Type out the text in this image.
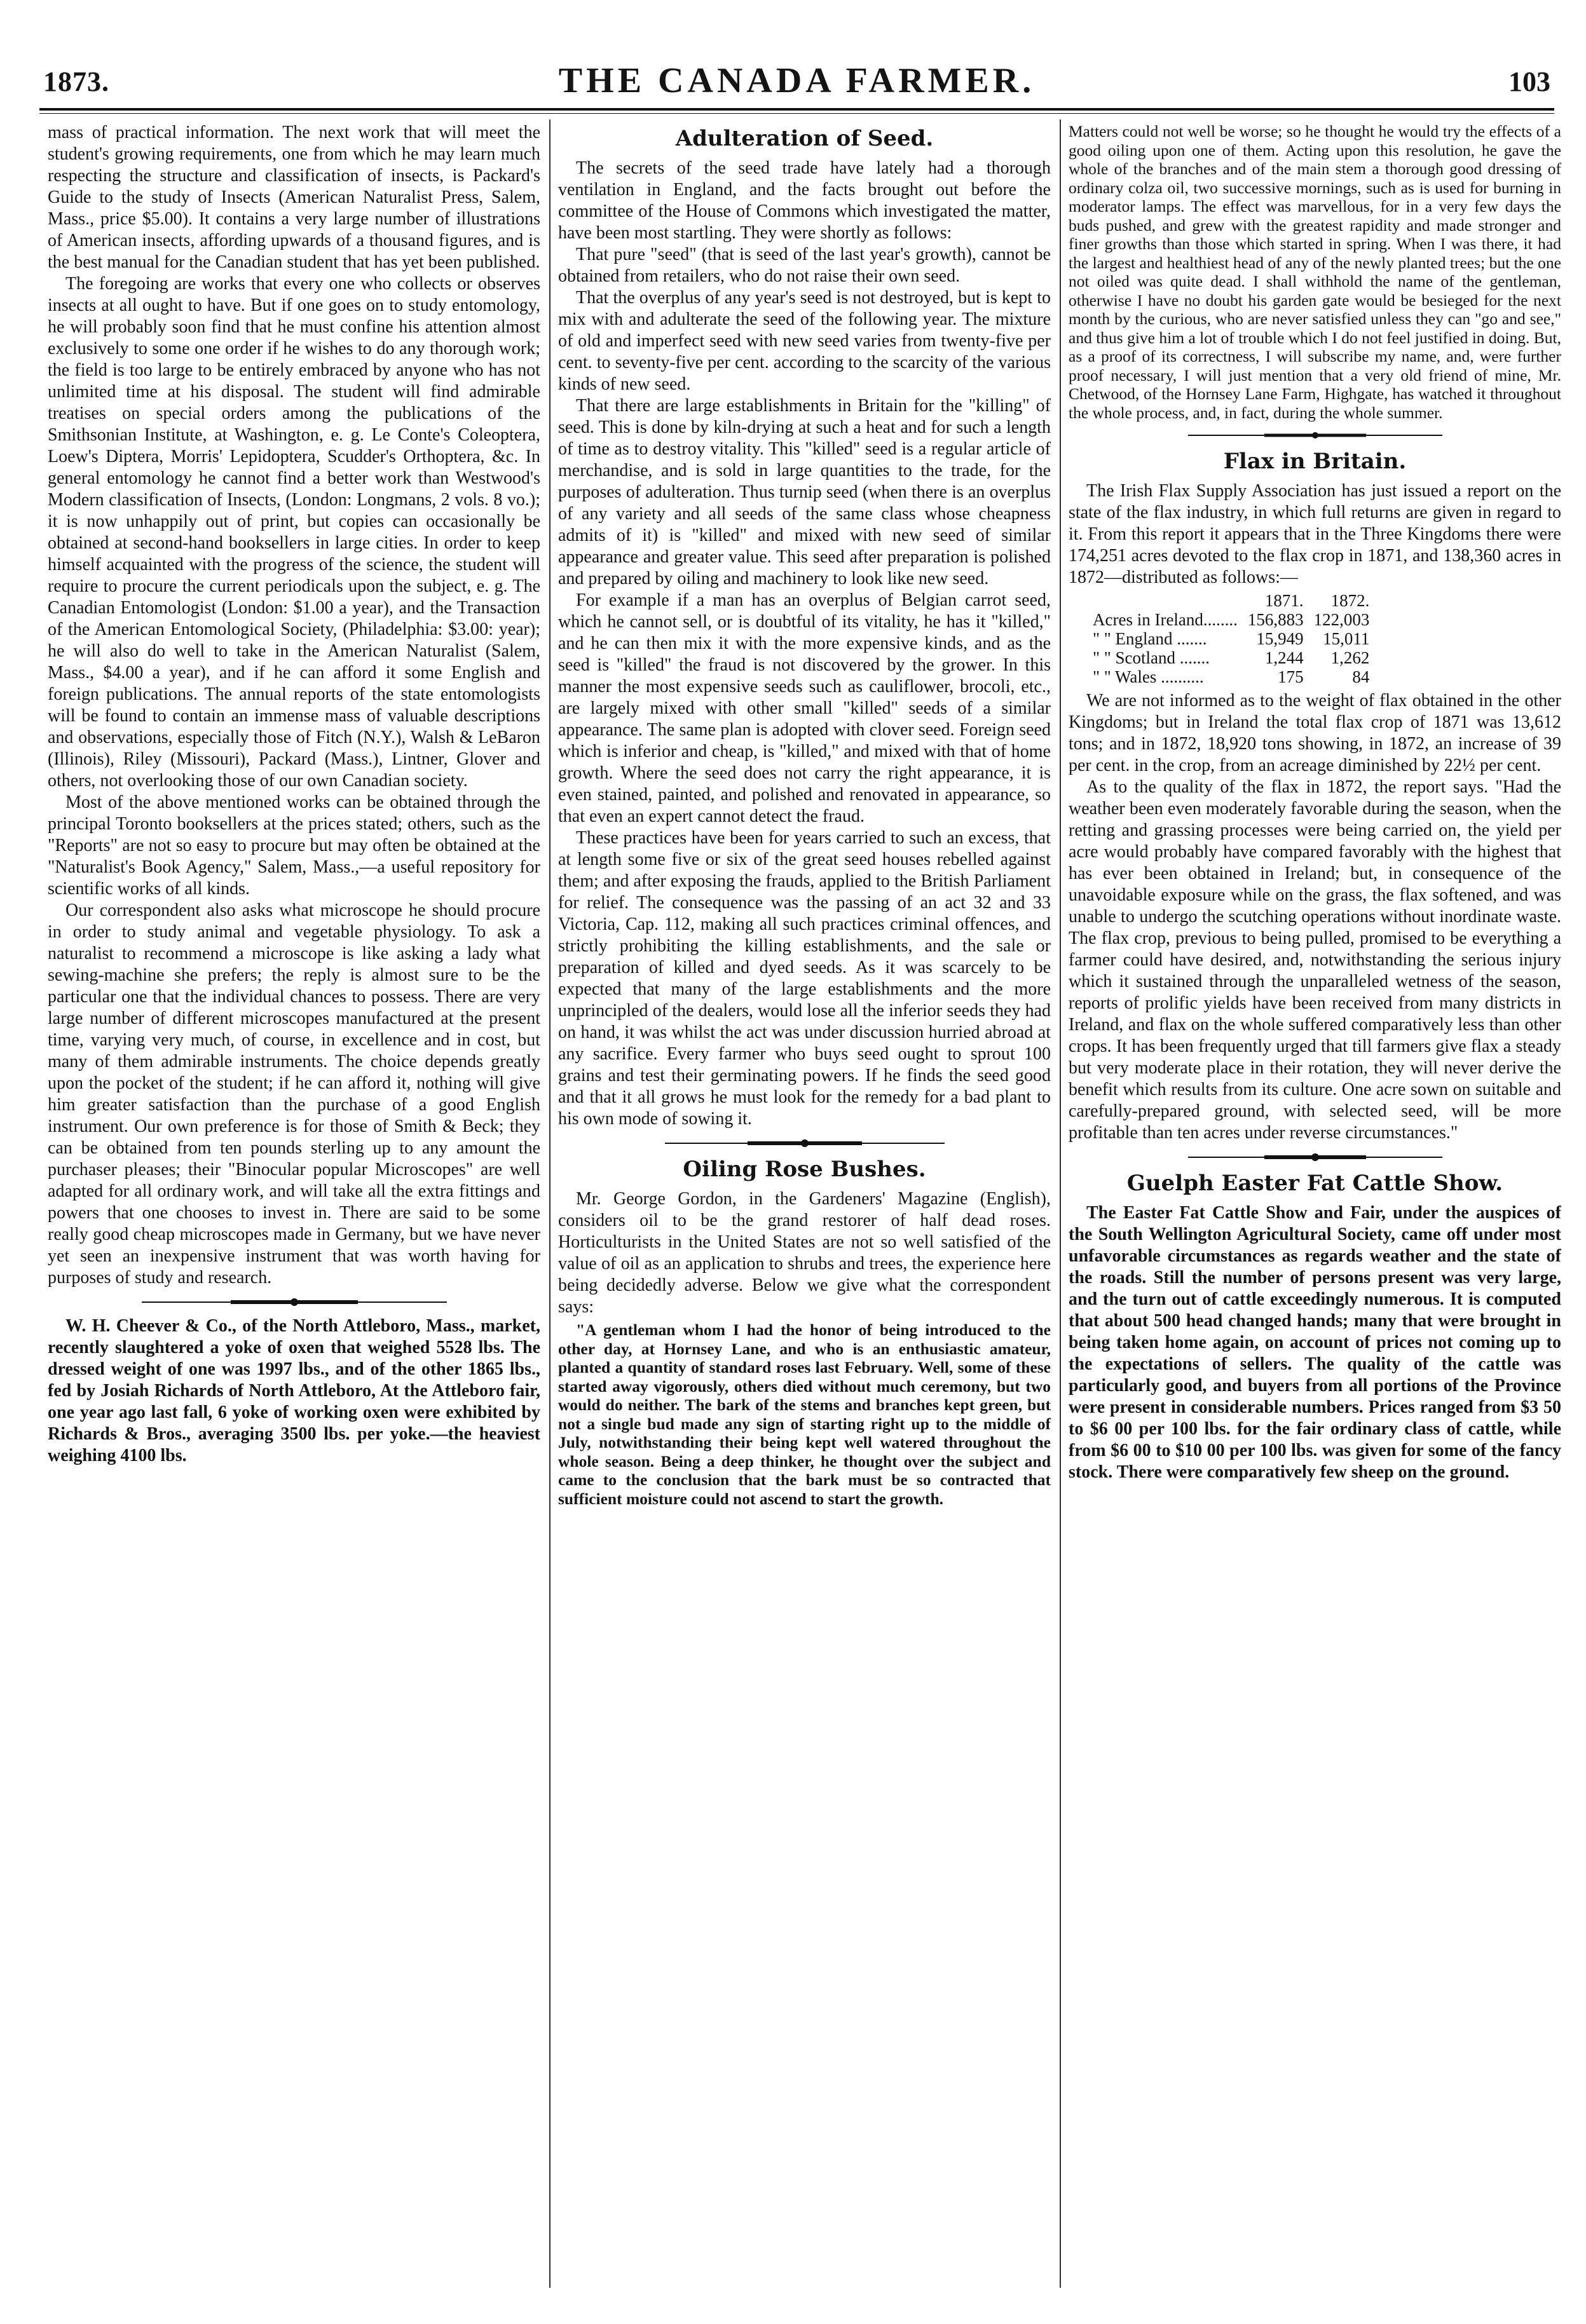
1873.	THE CANADA FARMER.	103

mass of practical information. The next work that will meet the student's growing requirements, one from which he may learn much respecting the structure and classification of insects, is Packard's Guide to the study of Insects (American Naturalist Press, Salem, Mass., price $5.00). It contains a very large number of illustrations of American insects, affording upwards of a thousand figures, and is the best manual for the Canadian student that has yet been published.

The foregoing are works that every one who collects or observes insects at all ought to have. But if one goes on to study entomology, he will probably soon find that he must confine his attention almost exclusively to some one order if he wishes to do any thorough work; the field is too large to be entirely embraced by anyone who has not unlimited time at his disposal. The student will find admirable treatises on special orders among the publications of the Smithsonian Institute, at Washington, e. g. Le Conte's Coleoptera, Loew's Diptera, Morris' Lepidoptera, Scudder's Orthoptera, &c. In general entomology he cannot find a better work than Westwood's Modern classification of Insects, (London: Longmans, 2 vols. 8 vo.); it is now unhappily out of print, but copies can occasionally be obtained at second-hand booksellers in large cities. In order to keep himself acquainted with the progress of the science, the student will require to procure the current periodicals upon the subject, e. g. The Canadian Entomologist (London: $1.00 a year), and the Transaction of the American Entomological Society, (Philadelphia: $3.00: year); he will also do well to take in the American Naturalist (Salem, Mass., $4.00 a year), and if he can afford it some English and foreign publications. The annual reports of the state entomologists will be found to contain an immense mass of valuable descriptions and observations, especially those of Fitch (N.Y.), Walsh & LeBaron (Illinois), Riley (Missouri), Packard (Mass.), Lintner, Glover and others, not overlooking those of our own Canadian society.

Most of the above mentioned works can be obtained through the principal Toronto booksellers at the prices stated; others, such as the "Reports" are not so easy to procure but may often be obtained at the "Naturalist's Book Agency," Salem, Mass.,—a useful repository for scientific works of all kinds.

Our correspondent also asks what microscope he should procure in order to study animal and vegetable physiology. To ask a naturalist to recommend a microscope is like asking a lady what sewing-machine she prefers; the reply is almost sure to be the particular one that the individual chances to possess. There are very large number of different microscopes manufactured at the present time, varying very much, of course, in excellence and in cost, but many of them admirable instruments. The choice depends greatly upon the pocket of the student; if he can afford it, nothing will give him greater satisfaction than the purchase of a good English instrument. Our own preference is for those of Smith & Beck; they can be obtained from ten pounds sterling up to any amount the purchaser pleases; their "Binocular popular Microscopes" are well adapted for all ordinary work, and will take all the extra fittings and powers that one chooses to invest in. There are said to be some really good cheap microscopes made in Germany, but we have never yet seen an inexpensive instrument that was worth having for purposes of study and research.

W. H. Cheever & Co., of the North Attleboro, Mass., market, recently slaughtered a yoke of oxen that weighed 5528 lbs. The dressed weight of one was 1997 lbs., and of the other 1865 lbs., fed by Josiah Richards of North Attleboro, At the Attleboro fair, one year ago last fall, 6 yoke of working oxen were exhibited by Richards & Bros., averaging 3500 lbs. per yoke.—the heaviest weighing 4100 lbs.

Adulteration of Seed.

The secrets of the seed trade have lately had a thorough ventilation in England, and the facts brought out before the committee of the House of Commons which investigated the matter, have been most startling. They were shortly as follows:

That pure "seed" (that is seed of the last year's growth), cannot be obtained from retailers, who do not raise their own seed.

That the overplus of any year's seed is not destroyed, but is kept to mix with and adulterate the seed of the following year. The mixture of old and imperfect seed with new seed varies from twenty-five per cent. to seventy-five per cent. according to the scarcity of the various kinds of new seed.

That there are large establishments in Britain for the "killing" of seed. This is done by kiln-drying at such a heat and for such a length of time as to destroy vitality. This "killed" seed is a regular article of merchandise, and is sold in large quantities to the trade, for the purposes of adulteration. Thus turnip seed (when there is an overplus of any variety and all seeds of the same class whose cheapness admits of it) is "killed" and mixed with new seed of similar appearance and greater value. This seed after preparation is polished and prepared by oiling and machinery to look like new seed.

For example if a man has an overplus of Belgian carrot seed, which he cannot sell, or is doubtful of its vitality, he has it "killed," and he can then mix it with the more expensive kinds, and as the seed is "killed" the fraud is not discovered by the grower. In this manner the most expensive seeds such as cauliflower, brocoli, etc., are largely mixed with other small "killed" seeds of a similar appearance. The same plan is adopted with clover seed. Foreign seed which is inferior and cheap, is "killed," and mixed with that of home growth. Where the seed does not carry the right appearance, it is even stained, painted, and polished and renovated in appearance, so that even an expert cannot detect the fraud.

These practices have been for years carried to such an excess, that at length some five or six of the great seed houses rebelled against them; and after exposing the frauds, applied to the British Parliament for relief. The consequence was the passing of an act 32 and 33 Victoria, Cap. 112, making all such practices criminal offences, and strictly prohibiting the killing establishments, and the sale or preparation of killed and dyed seeds. As it was scarcely to be expected that many of the large establishments and the more unprincipled of the dealers, would lose all the inferior seeds they had on hand, it was whilst the act was under discussion hurried abroad at any sacrifice. Every farmer who buys seed ought to sprout 100 grains and test their germinating powers. If he finds the seed good and that it all grows he must look for the remedy for a bad plant to his own mode of sowing it.

Oiling Rose Bushes.

Mr. George Gordon, in the Gardeners' Magazine (English), considers oil to be the grand restorer of half dead roses. Horticulturists in the United States are not so well satisfied of the value of oil as an application to shrubs and trees, the experience here being decidedly adverse. Below we give what the correspondent says:

"A gentleman whom I had the honor of being introduced to the other day, at Hornsey Lane, and who is an enthusiastic amateur, planted a quantity of standard roses last February. Well, some of these started away vigorously, others died without much ceremony, but two would do neither. The bark of the stems and branches kept green, but not a single bud made any sign of starting right up to the middle of July, notwithstanding their being kept well watered throughout the whole season. Being a deep thinker, he thought over the subject and came to the conclusion that the bark must be so contracted that sufficient moisture could not ascend to start the growth.

Matters could not well be worse; so he thought he would try the effects of a good oiling upon one of them. Acting upon this resolution, he gave the whole of the branches and of the main stem a thorough good dressing of ordinary colza oil, two successive mornings, such as is used for burning in moderator lamps. The effect was marvellous, for in a very few days the buds pushed, and grew with the greatest rapidity and made stronger and finer growths than those which started in spring. When I was there, it had the largest and healthiest head of any of the newly planted trees; but the one not oiled was quite dead. I shall withhold the name of the gentleman, otherwise I have no doubt his garden gate would be besieged for the next month by the curious, who are never satisfied unless they can "go and see," and thus give him a lot of trouble which I do not feel justified in doing. But, as a proof of its correctness, I will subscribe my name, and, were further proof necessary, I will just mention that a very old friend of mine, Mr. Chetwood, of the Hornsey Lane Farm, Highgate, has watched it throughout the whole process, and, in fact, during the whole summer.

Flax in Britain.

The Irish Flax Supply Association has just issued a report on the state of the flax industry, in which full returns are given in regard to it. From this report it appears that in the Three Kingdoms there were 174,251 acres devoted to the flax crop in 1871, and 138,360 acres in 1872—distributed as follows:—

	1871.	1872.
Acres in Ireland........	156,883	122,003
" " England .......	15,949	15,011
" " Scotland .......	1,244	1,262
" " Wales ..........	175	84

We are not informed as to the weight of flax obtained in the other Kingdoms; but in Ireland the total flax crop of 1871 was 13,612 tons; and in 1872, 18,920 tons showing, in 1872, an increase of 39 per cent. in the crop, from an acreage diminished by 22½ per cent.

As to the quality of the flax in 1872, the report says. "Had the weather been even moderately favorable during the season, when the retting and grassing processes were being carried on, the yield per acre would probably have compared favorably with the highest that has ever been obtained in Ireland; but, in consequence of the unavoidable exposure while on the grass, the flax softened, and was unable to undergo the scutching operations without inordinate waste. The flax crop, previous to being pulled, promised to be everything a farmer could have desired, and, notwithstanding the serious injury which it sustained through the unparalleled wetness of the season, reports of prolific yields have been received from many districts in Ireland, and flax on the whole suffered comparatively less than other crops. It has been frequently urged that till farmers give flax a steady but very moderate place in their rotation, they will never derive the benefit which results from its culture. One acre sown on suitable and carefully-prepared ground, with selected seed, will be more profitable than ten acres under reverse circumstances."

Guelph Easter Fat Cattle Show.

The Easter Fat Cattle Show and Fair, under the auspices of the South Wellington Agricultural Society, came off under most unfavorable circumstances as regards weather and the state of the roads. Still the number of persons present was very large, and the turn out of cattle exceedingly numerous. It is computed that about 500 head changed hands; many that were brought in being taken home again, on account of prices not coming up to the expectations of sellers. The quality of the cattle was particularly good, and buyers from all portions of the Province were present in considerable numbers. Prices ranged from $3 50 to $6 00 per 100 lbs. for the fair ordinary class of cattle, while from $6 00 to $10 00 per 100 lbs. was given for some of the fancy stock. There were comparatively few sheep on the ground.
